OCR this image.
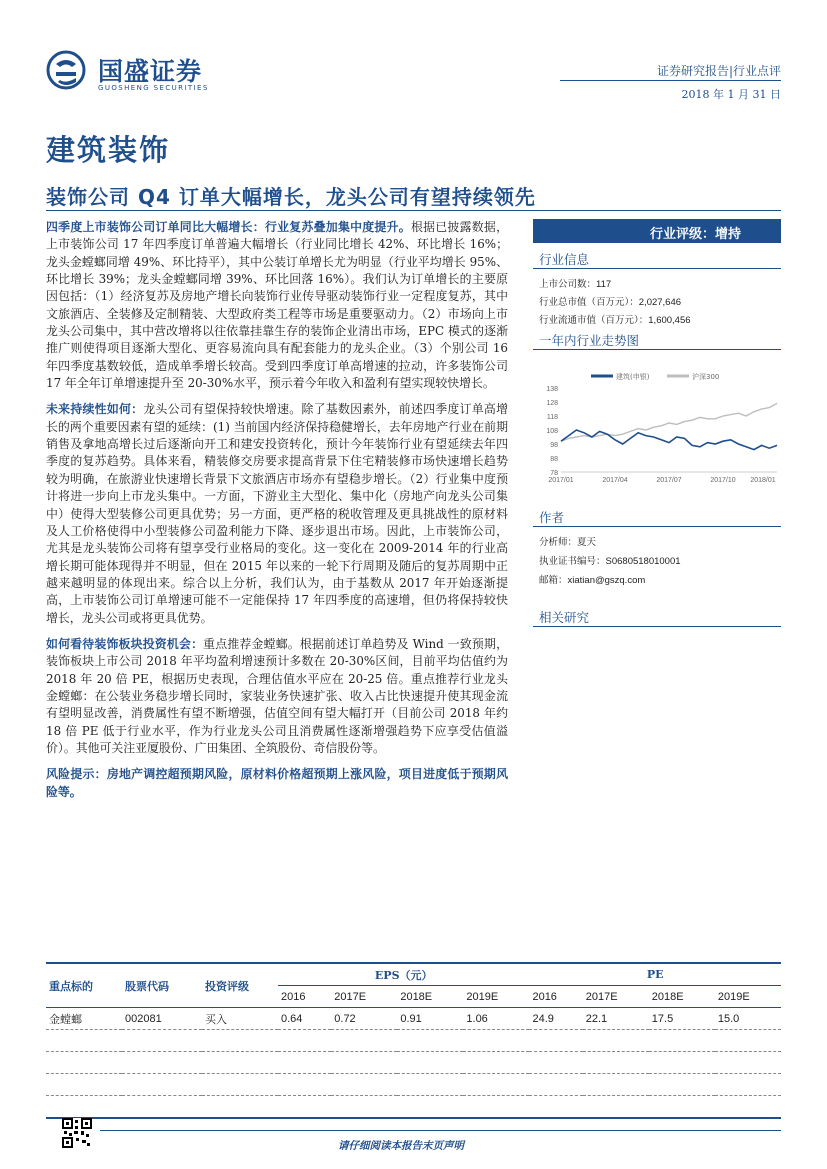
国盛证券
GUOSHENG SECURITIES
证券研究报告|行业点评
2018 年 1 月 31 日
建筑装饰
装饰公司 Q4 订单大幅增长，龙头公司有望持续领先

四季度上市装饰公司订单同比大幅增长：行业复苏叠加集中度提升。根据已披露数据，上市装饰公司 17 年四季度订单普遍大幅增长（行业同比增长 42%、环比增长 16%；龙头金螳螂同增 49%、环比持平），其中公装订单增长尤为明显（行业平均增长 95%、环比增长 39%；龙头金螳螂同增 39%、环比回落 16%）。我们认为订单增长的主要原因包括：（1）经济复苏及房地产增长向装饰行业传导驱动装饰行业一定程度复苏，其中文旅酒店、全装修及定制精装、大型政府类工程等市场是重要驱动力。（2）市场向上市龙头公司集中，其中营改增将以往依靠挂靠生存的装饰企业清出市场，EPC 模式的逐渐推广则使得项目逐渐大型化、更容易流向具有配套能力的龙头企业。（3）个别公司 16 年四季度基数较低，造成单季增长较高。受到四季度订单高增速的拉动，许多装饰公司 17 年全年订单增速提升至 20-30%水平，预示着今年收入和盈利有望实现较快增长。

未来持续性如何：龙头公司有望保持较快增速。除了基数因素外，前述四季度订单高增长的两个重要因素有望的延续：(1) 当前国内经济保持稳健增长，去年房地产行业在前期销售及拿地高增长过后逐渐向开工和建安投资转化，预计今年装饰行业有望延续去年四季度的复苏趋势。具体来看，精装修交房要求提高背景下住宅精装修市场快速增长趋势较为明确，在旅游业快速增长背景下文旅酒店市场亦有望稳步增长。（2）行业集中度预计将进一步向上市龙头集中。一方面，下游业主大型化、集中化（房地产向龙头公司集中）使得大型装修公司更具优势；另一方面，更严格的税收管理及更具挑战性的原材料及人工价格使得中小型装修公司盈利能力下降、逐步退出市场。因此，上市装饰公司，尤其是龙头装饰公司将有望享受行业格局的变化。这一变化在 2009-2014 年的行业高增长期可能体现得并不明显，但在 2015 年以来的一轮下行周期及随后的复苏周期中正越来越明显的体现出来。综合以上分析，我们认为，由于基数从 2017 年开始逐渐提高，上市装饰公司订单增速可能不一定能保持 17 年四季度的高速增，但仍将保持较快增长，龙头公司或将更具优势。

如何看待装饰板块投资机会：重点推荐金螳螂。根据前述订单趋势及 Wind 一致预期，装饰板块上市公司 2018 年平均盈利增速预计多数在 20-30%区间，目前平均估值约为 2018 年 20 倍 PE，根据历史表现，合理估值水平应在 20-25 倍。重点推荐行业龙头金螳螂：在公装业务稳步增长同时，家装业务快速扩张、收入占比快速提升使其现金流有望明显改善，消费属性有望不断增强，估值空间有望大幅打开（目前公司 2018 年约 18 倍 PE 低于行业水平，作为行业龙头公司且消费属性逐渐增强趋势下应享受估值溢价）。其他可关注亚厦股份、广田集团、全筑股份、奇信股份等。

风险提示：房地产调控超预期风险，原材料价格超预期上涨风险，项目进度低于预期风险等。

行业评级：增持
行业信息
上市公司数：117
行业总市值（百万元）：2,027,646
行业流通市值（百万元）：1,600,456
一年内行业走势图
138
128
118
108
98
88
78
2017/01	2017/04	2017/07	2017/10 2018/01
建筑(申银)	沪深300
作者
分析师：夏天
执业证书编号：S0680518010001
邮箱：xiatian@gszq.com
相关研究
重点标的	股票代码	投资评级	EPS（元）				PE			
			2016	2017E	2018E	2019E	2016	2017E	2018E	2019E
金螳螂	002081	买入	0.64	0.72	0.91	1.06	24.9	22.1	17.5	15.0

请仔细阅读本报告末页声明
